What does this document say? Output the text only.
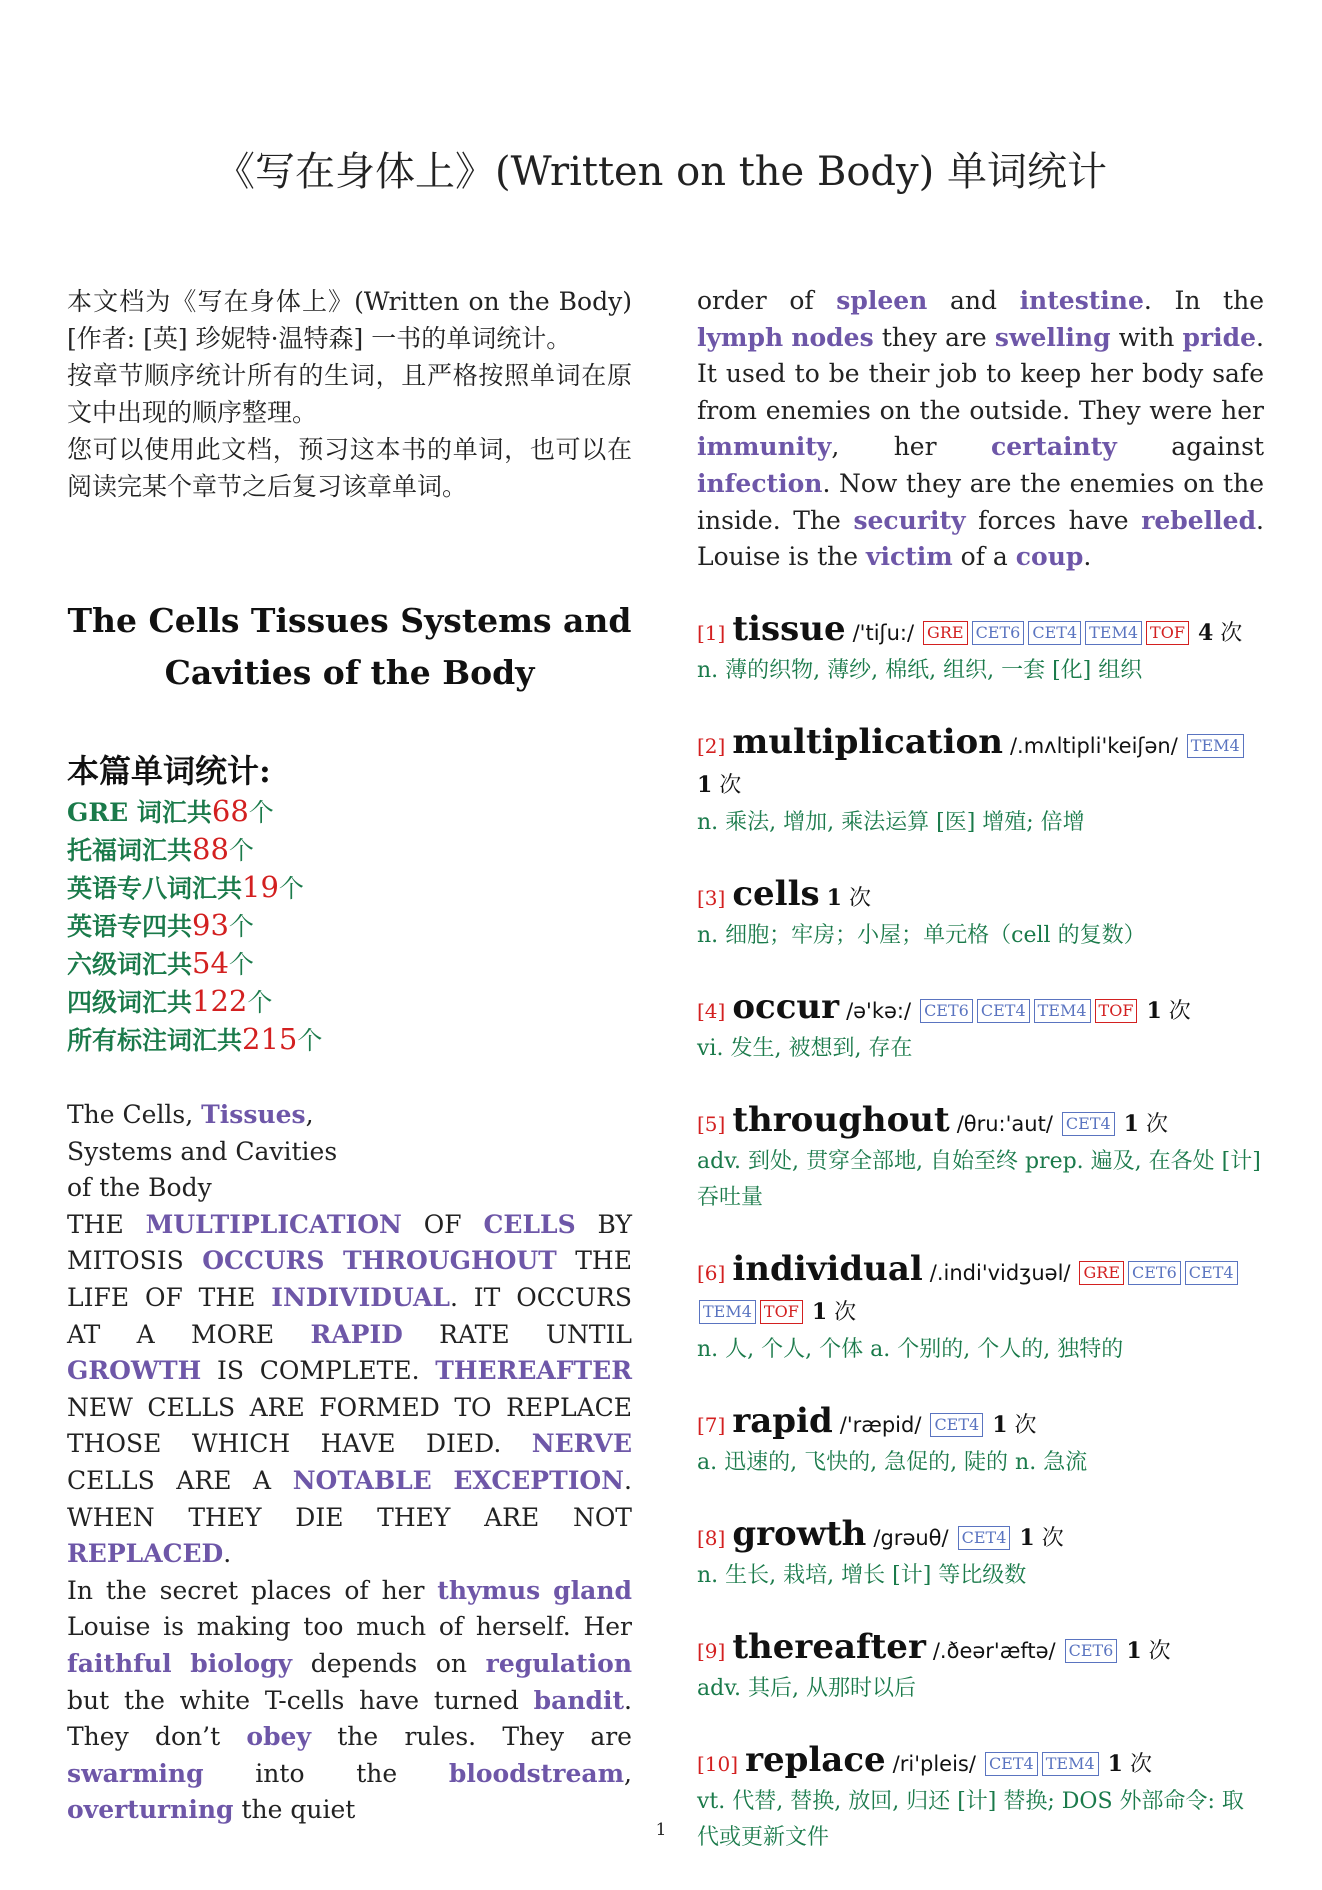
《写在身体上》(Written on the Body) 单词统计

本文档为《写在身体上》(Written on the Body)[作者: [英] 珍妮特·温特森] 一书的单词统计。

按章节顺序统计所有的生词，且严格按照单词在原文中出现的顺序整理。

您可以使用此文档，预习这本书的单词，也可以在阅读完某个章节之后复习该章单词。

The Cells Tissues Systems and Cavities of the Body
本篇单词统计:
GRE 词汇共68个
托福词汇共88个
英语专八词汇共19个
英语专四共93个
六级词汇共54个
四级词汇共122个
所有标注词汇共215个

The Cells, Tissues,
Systems and Cavities
of the Body

THE MULTIPLICATION OF CELLS BY MITOSIS OCCURS THROUGHOUT THE LIFE OF THE INDIVIDUAL. IT OCCURS AT A MORE RAPID RATE UNTIL GROWTH IS COMPLETE. THEREAFTER NEW CELLS ARE FORMED TO REPLACE THOSE WHICH HAVE DIED. NERVE CELLS ARE A NOTABLE EXCEPTION. WHEN THEY DIE THEY ARE NOT REPLACED.

In the secret places of her thymus gland Louise is making too much of herself. Her faithful biology depends on regulation but the white T-cells have turned bandit. They don’t obey the rules. They are swarming into the bloodstream, overturning the quiet

order of spleen and intestine. In the lymph nodes they are swelling with pride. It used to be their job to keep her body safe from enemies on the outside. They were her immunity, her certainty against infection. Now they are the enemies on the inside. The security forces have rebelled. Louise is the victim of a coup.

[1] tissue /'tiʃu:/ GRE CET6 CET4 TEM4 TOF 4 次
n. 薄的织物, 薄纱, 棉纸, 组织, 一套 [化] 组织
[2] multiplication /.mʌltipli'keiʃən/ TEM4 1 次
n. 乘法, 增加, 乘法运算 [医] 增殖; 倍增
[3] cells 1 次
n. 细胞；牢房；小屋；单元格（cell 的复数）
[4] occur /ə'kə:/ CET6 CET4 TEM4 TOF 1 次
vi. 发生, 被想到, 存在
[5] throughout /θru:'aut/ CET4 1 次
adv. 到处, 贯穿全部地, 自始至终 prep. 遍及, 在各处 [计] 吞吐量
[6] individual /.indi'vidʒuəl/ GRE CET6 CET4TEM4 TOF 1 次
n. 人, 个人, 个体 a. 个别的, 个人的, 独特的
[7] rapid /'ræpid/ CET4 1 次
a. 迅速的, 飞快的, 急促的, 陡的 n. 急流
[8] growth /grəuθ/ CET4 1 次
n. 生长, 栽培, 增长 [计] 等比级数
[9] thereafter /.ðeər'æftə/ CET6 1 次
adv. 其后, 从那时以后
[10] replace /ri'pleis/ CET4 TEM4 1 次
vt. 代替, 替换, 放回, 归还 [计] 替换; DOS 外部命令: 取代或更新文件
1
